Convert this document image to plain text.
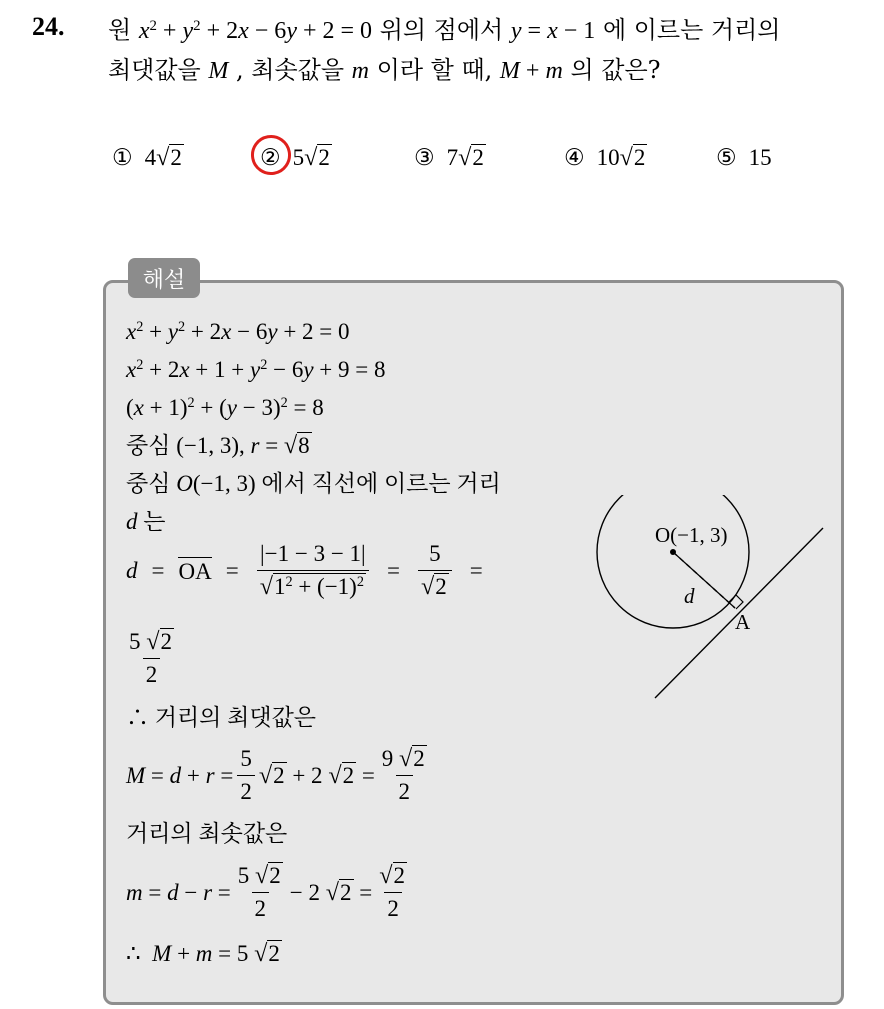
24. 원 $x^2 + y^2 + 2x - 6y + 2 = 0$ 위의 점에서 y = x − 1 에 이르는 거리의
최댓값을 M , 최솟값을 m 이라 할 때, M + m 의 값은?
① 4√2	② 5√2	③ 7√2	④ 10√2	⑤ 15
해설
$x^2 + y^2 + 2x - 6y + 2 = 0$
$x^2 + 2x + 1 + y^2 - 6y + 9 = 8$
$(x + 1)^2 + (y - 3)^2 = 8$
중심 (−1, 3), r = √8
중심 O(−1, 3) 에서 직선에 이르는 거리
d 는
d = OA = $\frac{|-1 - 3 - 1|}{√1^2 + (-1)^2} = \frac{5}{√2}$ =
$\frac{5 √2}{2}$
∴ 거리의 최댓값은
$M = d + r = \frac{5}{2} √2 + 2$ $√2 = \frac{9 √2}{2}$
거리의 최솟값은
$m = d - r = \frac{5 √2}{2} - 2$ $√2 = \frac{√2}{2}$
∴ M + m = 5 √2
O(−1, 3)
A
d
